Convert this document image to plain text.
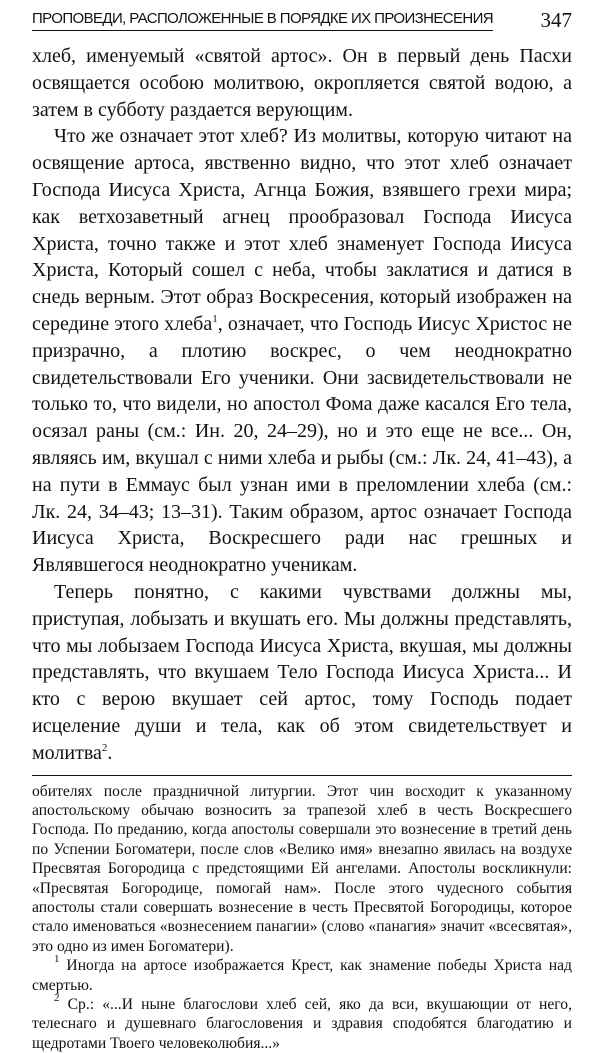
ПРОПОВЕДИ, РАСПОЛОЖЕННЫЕ В ПОРЯДКЕ ИХ ПРОИЗНЕСЕНИЯ	347

хлеб, именуемый «святой артос». Он в первый день Пасхи освящается особою молитвою, окропляется святой водою, а затем в субботу раздается верующим.

Что же означает этот хлеб? Из молитвы, которую читают на освящение артоса, явственно видно, что этот хлеб означает Господа Иисуса Христа, Агнца Божия, взявшего грехи мира; как ветхозаветный агнец прообразовал Господа Иисуса Христа, точно также и этот хлеб знаменует Господа Иисуса Христа, Который сошел с неба, чтобы заклатися и датися в снедь верным. Этот образ Воскресения, который изображен на середине этого хлеба$^1$, означает, что Господь Иисус Христос не призрачно, а плотию воскрес, о чем неоднократно свидетельствовали Его ученики. Они засвидетельствовали не только то, что видели, но апостол Фома даже касался Его тела, осязал раны (см.: Ин. 20, 24–29), но и это еще не все... Он, являясь им, вкушал с ними хлеба и рыбы (см.: Лк. 24, 41–43), а на пути в Еммаус был узнан ими в преломлении хлеба (см.: Лк. 24, 34–43; 13–31). Таким образом, артос означает Господа Иисуса Христа, Воскресшего ради нас грешных и Являвшегося неоднократно ученикам.

Теперь понятно, с какими чувствами должны мы, приступая, лобызать и вкушать его. Мы должны представлять, что мы лобызаем Господа Иисуса Христа, вкушая, мы должны представлять, что вкушаем Тело Господа Иисуса Христа... И кто с верою вкушает сей артос, тому Господь подает исцеление души и тела, как об этом свидетельствует и молитва$^2$.

обителях после праздничной литургии. Этот чин восходит к указанному апостольскому обычаю возносить за трапезой хлеб в честь Воскресшего Господа. По преданию, когда апостолы совершали это вознесение в третий день по Успении Богоматери, после слов «Велико имя» внезапно явилась на воздухе Пресвятая Богородица с предстоящими Ей ангелами. Апостолы воскликнули: «Пресвятая Богородице, помогай нам». После этого чудесного события апостолы стали совершать вознесение в честь Пресвятой Богородицы, которое стало именоваться «вознесением панагии» (слово «панагия» значит «всесвятая», это одно из имен Богоматери).

$^1$ Иногда на артосе изображается Крест, как знамение победы Христа над смертью.

$^2$ Ср.: «...И ныне благослови хлеб сей, яко да вси, вкушающии от него, телеснаго и душевнаго благословения и здравия сподобятся благодатию и щедротами Твоего человеколюбия...»
